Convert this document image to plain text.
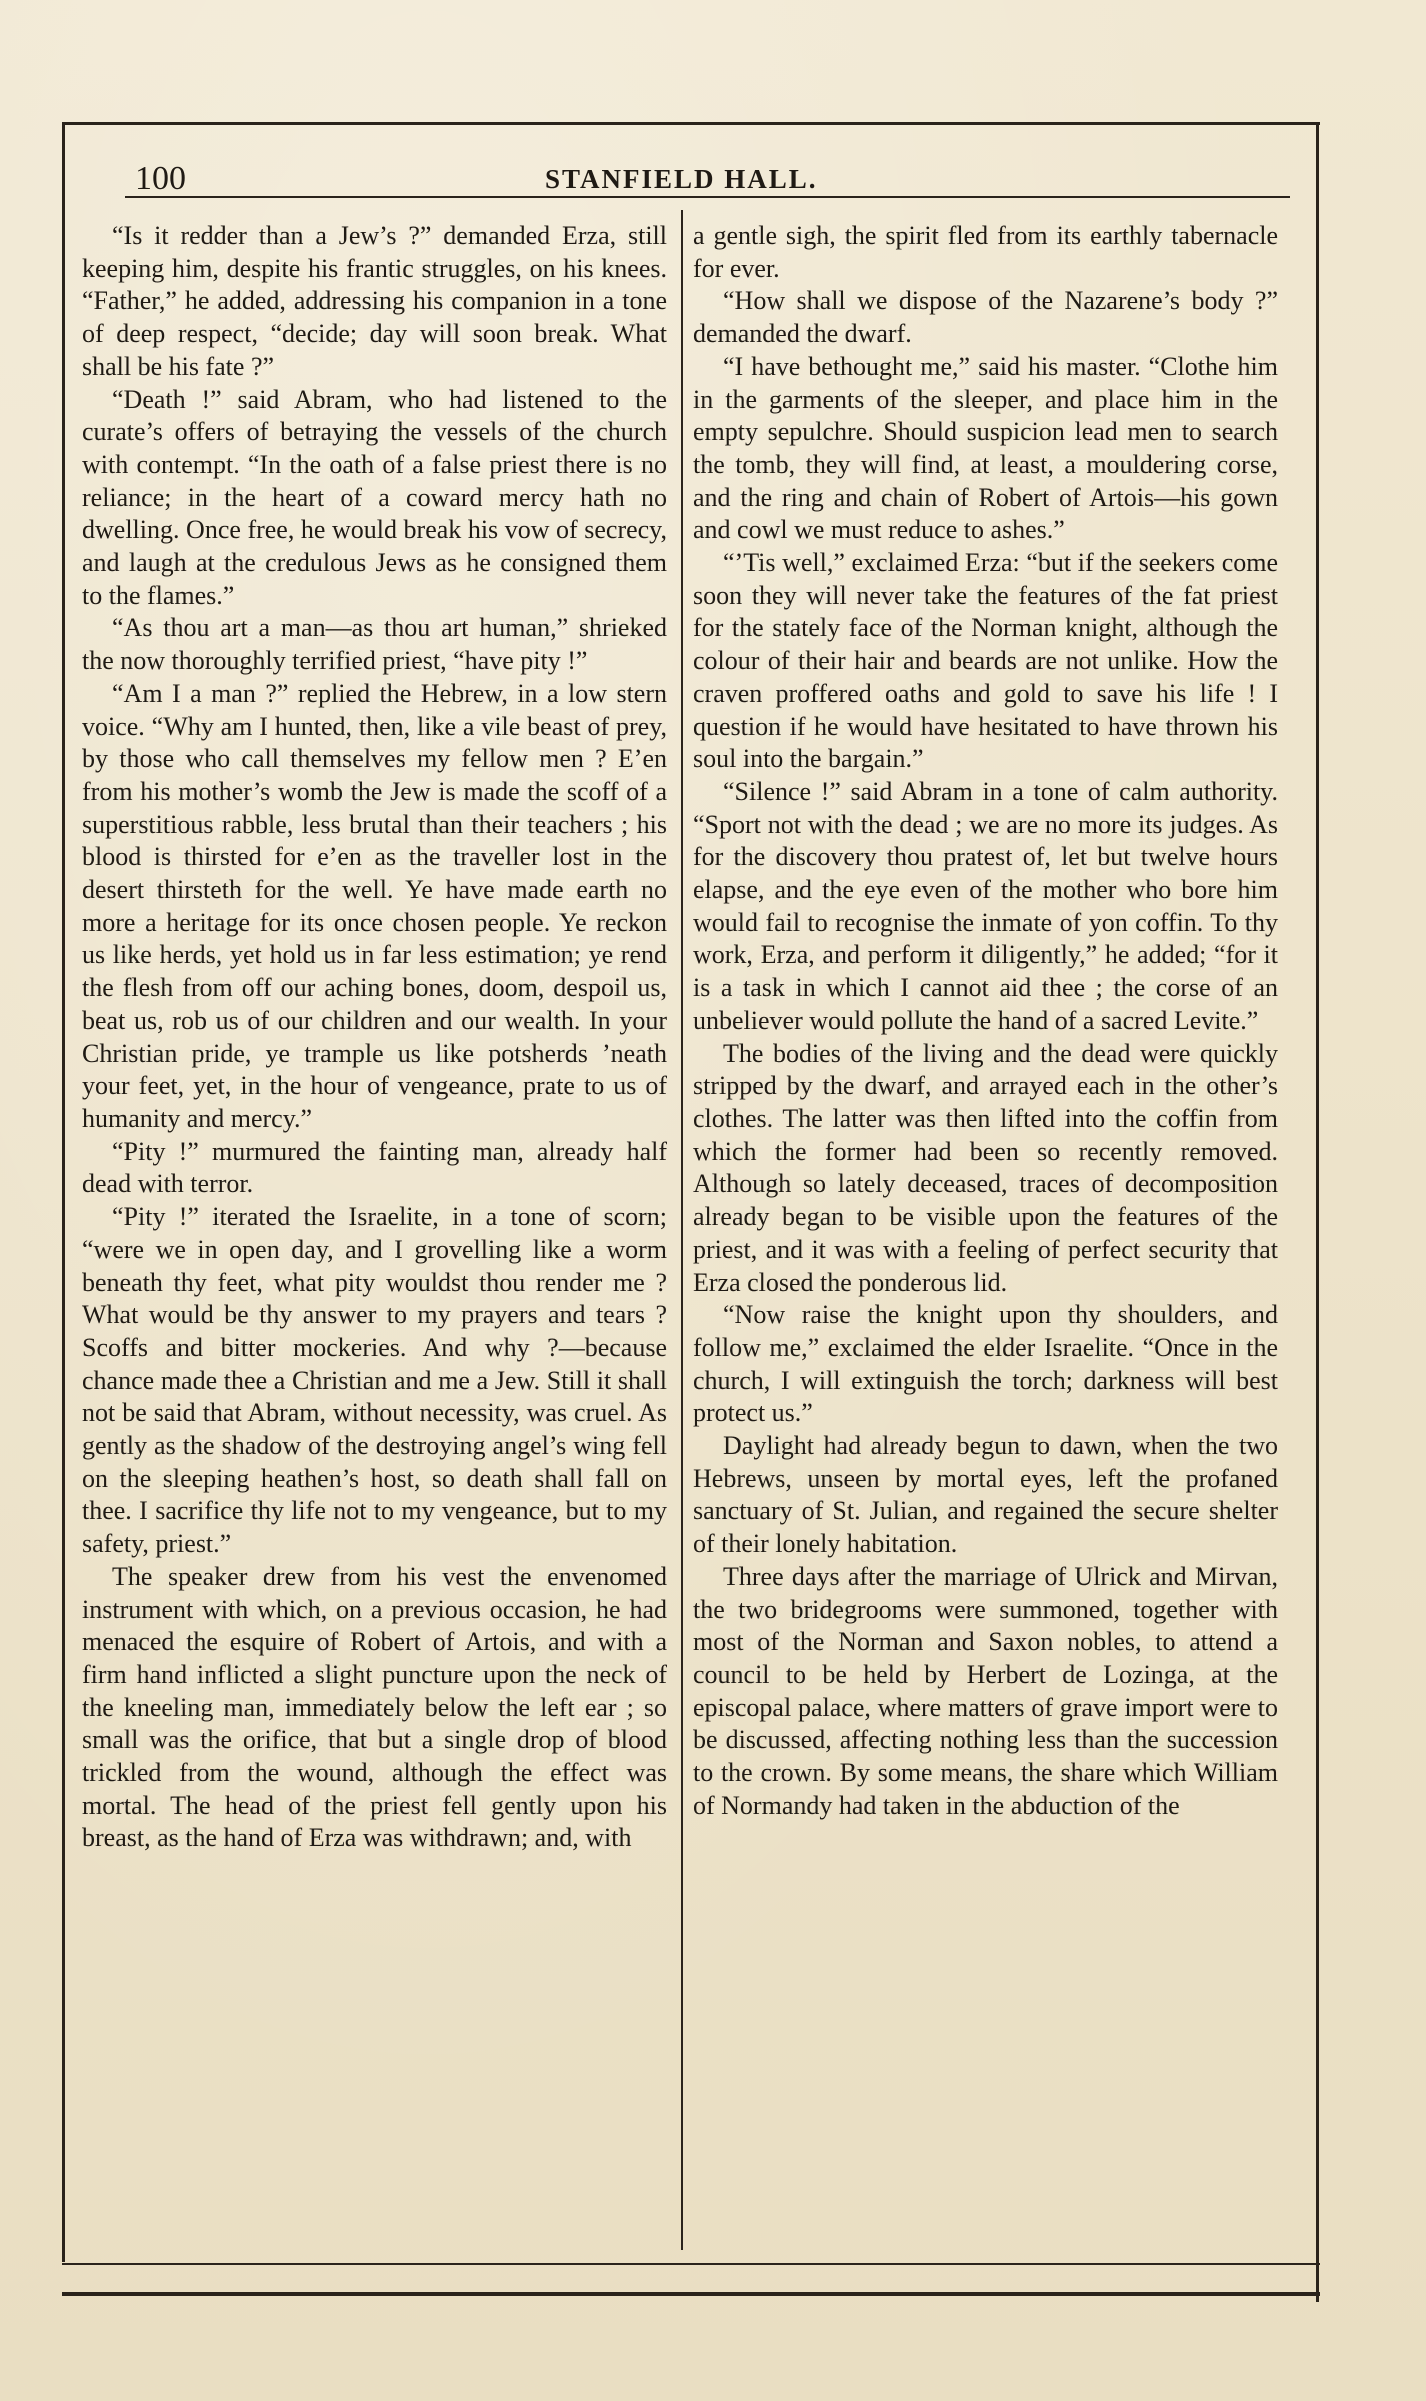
100	STANFIELD HALL.

“Is it redder than a Jew’s ?” demanded Erza, still keeping him, despite his frantic struggles, on his knees. “Father,” he added, addressing his companion in a tone of deep respect, “decide; day will soon break. What shall be his fate ?”

“Death !” said Abram, who had listened to the curate’s offers of betraying the vessels of the church with contempt. “In the oath of a false priest there is no reliance; in the heart of a coward mercy hath no dwelling. Once free, he would break his vow of secrecy, and laugh at the credulous Jews as he consigned them to the flames.”

“As thou art a man—as thou art human,” shrieked the now thoroughly terrified priest, “have pity !”

“Am I a man ?” replied the Hebrew, in a low stern voice. “Why am I hunted, then, like a vile beast of prey, by those who call themselves my fellow men ? E’en from his mother’s womb the Jew is made the scoff of a superstitious rabble, less brutal than their teachers ; his blood is thirsted for e’en as the traveller lost in the desert thirsteth for the well. Ye have made earth no more a heritage for its once chosen people. Ye reckon us like herds, yet hold us in far less estimation; ye rend the flesh from off our aching bones, doom, despoil us, beat us, rob us of our children and our wealth. In your Christian pride, ye trample us like potsherds ’neath your feet, yet, in the hour of vengeance, prate to us of humanity and mercy.”

“Pity !” murmured the fainting man, already half dead with terror.

“Pity !” iterated the Israelite, in a tone of scorn; “were we in open day, and I grovelling like a worm beneath thy feet, what pity wouldst thou render me ? What would be thy answer to my prayers and tears ? Scoffs and bitter mockeries. And why ?—because chance made thee a Christian and me a Jew. Still it shall not be said that Abram, without necessity, was cruel. As gently as the shadow of the destroying angel’s wing fell on the sleeping heathen’s host, so death shall fall on thee. I sacrifice thy life not to my vengeance, but to my safety, priest.”

The speaker drew from his vest the envenomed instrument with which, on a previous occasion, he had menaced the esquire of Robert of Artois, and with a firm hand inflicted a slight puncture upon the neck of the kneeling man, immediately below the left ear ; so small was the orifice, that but a single drop of blood trickled from the wound, although the effect was mortal. The head of the priest fell gently upon his breast, as the hand of Erza was withdrawn; and, with

a gentle sigh, the spirit fled from its earthly tabernacle for ever.

“How shall we dispose of the Nazarene’s body ?” demanded the dwarf.

“I have bethought me,” said his master. “Clothe him in the garments of the sleeper, and place him in the empty sepulchre. Should suspicion lead men to search the tomb, they will find, at least, a mouldering corse, and the ring and chain of Robert of Artois—his gown and cowl we must reduce to ashes.”

“’Tis well,” exclaimed Erza: “but if the seekers come soon they will never take the features of the fat priest for the stately face of the Norman knight, although the colour of their hair and beards are not unlike. How the craven proffered oaths and gold to save his life ! I question if he would have hesitated to have thrown his soul into the bargain.”

“Silence !” said Abram in a tone of calm authority. “Sport not with the dead ; we are no more its judges. As for the discovery thou pratest of, let but twelve hours elapse, and the eye even of the mother who bore him would fail to recognise the inmate of yon coffin. To thy work, Erza, and perform it diligently,” he added; “for it is a task in which I cannot aid thee ; the corse of an unbeliever would pollute the hand of a sacred Levite.”

The bodies of the living and the dead were quickly stripped by the dwarf, and arrayed each in the other’s clothes. The latter was then lifted into the coffin from which the former had been so recently removed. Although so lately deceased, traces of decomposition already began to be visible upon the features of the priest, and it was with a feeling of perfect security that Erza closed the ponderous lid.

“Now raise the knight upon thy shoulders, and follow me,” exclaimed the elder Israelite. “Once in the church, I will extinguish the torch; darkness will best protect us.”

Daylight had already begun to dawn, when the two Hebrews, unseen by mortal eyes, left the profaned sanctuary of St. Julian, and regained the secure shelter of their lonely habitation.

Three days after the marriage of Ulrick and Mirvan, the two bridegrooms were summoned, together with most of the Norman and Saxon nobles, to attend a council to be held by Herbert de Lozinga, at the episcopal palace, where matters of grave import were to be discussed, affecting nothing less than the succession to the crown. By some means, the share which William of Normandy had taken in the abduction of the
